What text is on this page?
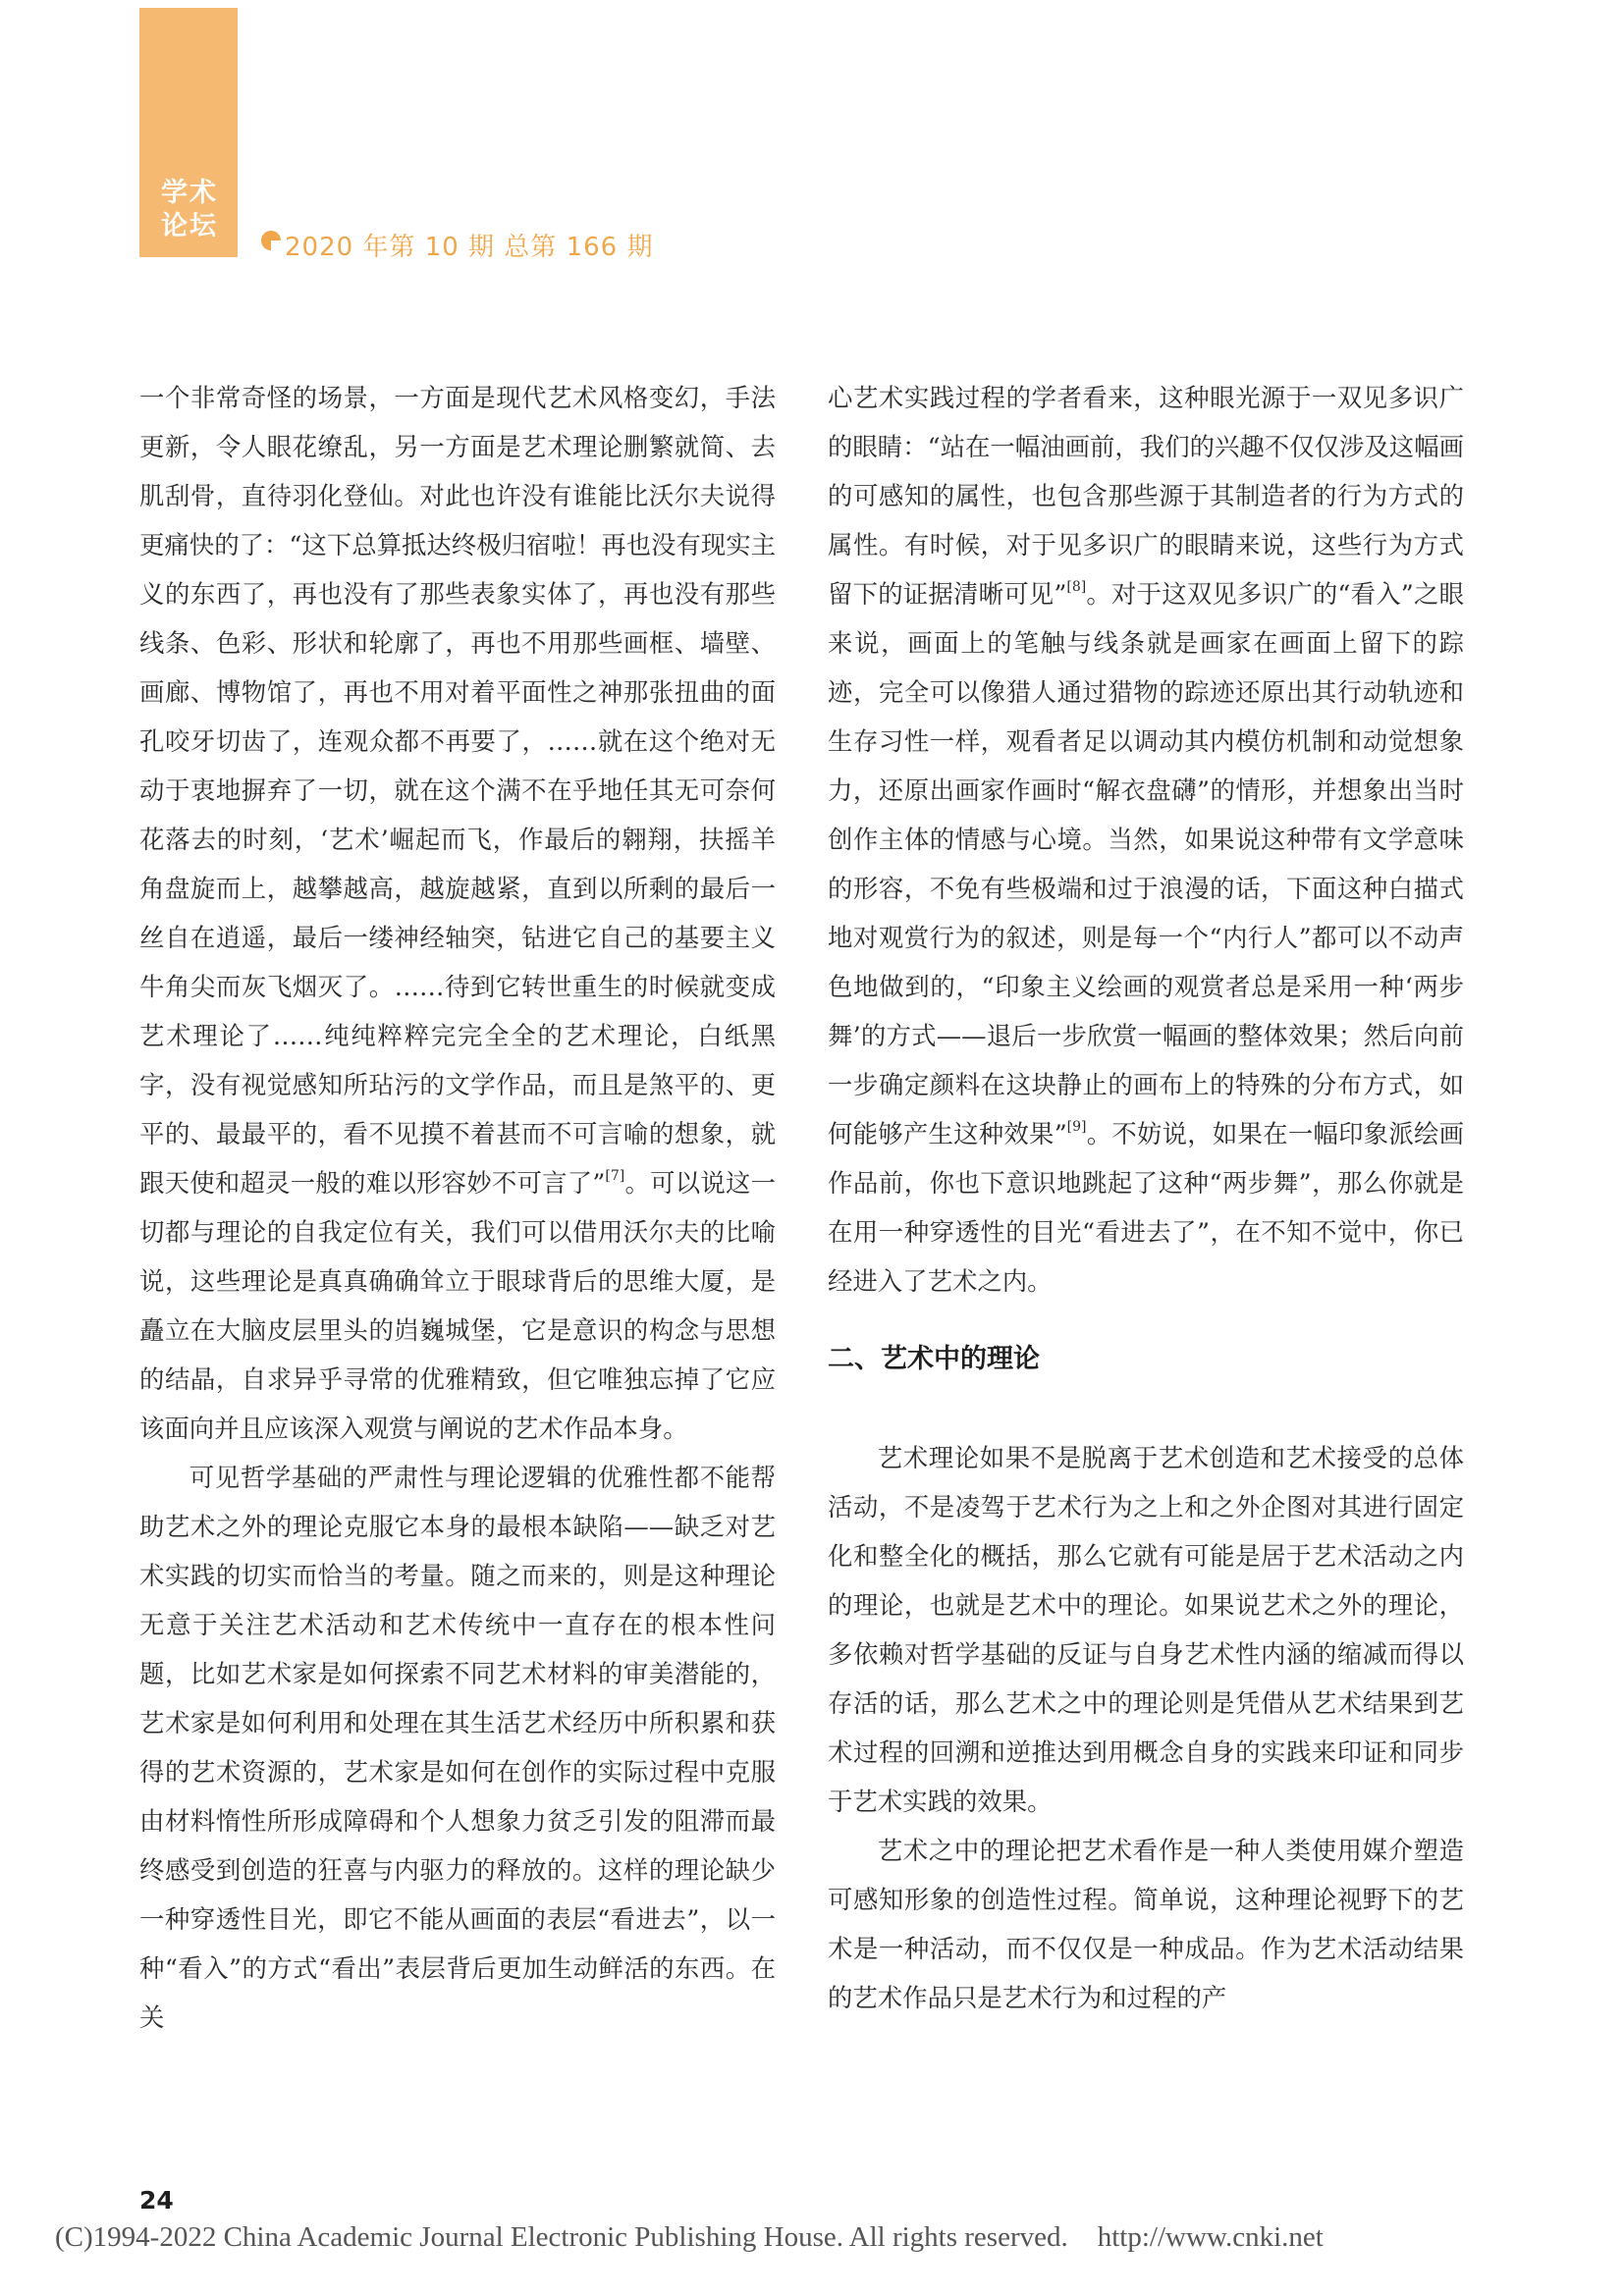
学术
论坛
2020 年第 10 期 总第 166 期

一个非常奇怪的场景，一方面是现代艺术风格变幻，手法更新，令人眼花缭乱，另一方面是艺术理论删繁就简、去肌刮骨，直待羽化登仙。对此也许没有谁能比沃尔夫说得更痛快的了：“这下总算抵达终极归宿啦！再也没有现实主义的东西了，再也没有了那些表象实体了，再也没有那些线条、色彩、形状和轮廓了，再也不用那些画框、墙壁、画廊、博物馆了，再也不用对着平面性之神那张扭曲的面孔咬牙切齿了，连观众都不再要了，……就在这个绝对无动于衷地摒弃了一切，就在这个满不在乎地任其无可奈何花落去的时刻，‘艺术’崛起而飞，作最后的翱翔，扶摇羊角盘旋而上，越攀越高，越旋越紧，直到以所剩的最后一丝自在逍遥，最后一缕神经轴突，钻进它自己的基要主义牛角尖而灰飞烟灭了。……待到它转世重生的时候就变成艺术理论了……纯纯粹粹完完全全的艺术理论，白纸黑字，没有视觉感知所玷污的文学作品，而且是煞平的、更平的、最最平的，看不见摸不着甚而不可言喻的想象，就跟天使和超灵一般的难以形容妙不可言了”[7]。可以说这一切都与理论的自我定位有关，我们可以借用沃尔夫的比喻说，这些理论是真真确确耸立于眼球背后的思维大厦，是矗立在大脑皮层里头的岿巍城堡，它是意识的构念与思想的结晶，自求异乎寻常的优雅精致，但它唯独忘掉了它应该面向并且应该深入观赏与阐说的艺术作品本身。

可见哲学基础的严肃性与理论逻辑的优雅性都不能帮助艺术之外的理论克服它本身的最根本缺陷——缺乏对艺术实践的切实而恰当的考量。随之而来的，则是这种理论无意于关注艺术活动和艺术传统中一直存在的根本性问题，比如艺术家是如何探索不同艺术材料的审美潜能的，艺术家是如何利用和处理在其生活艺术经历中所积累和获得的艺术资源的，艺术家是如何在创作的实际过程中克服由材料惰性所形成障碍和个人想象力贫乏引发的阻滞而最终感受到创造的狂喜与内驱力的释放的。这样的理论缺少一种穿透性目光，即它不能从画面的表层“看进去”，以一种“看入”的方式“看出”表层背后更加生动鲜活的东西。在关

心艺术实践过程的学者看来，这种眼光源于一双见多识广的眼睛：“站在一幅油画前，我们的兴趣不仅仅涉及这幅画的可感知的属性，也包含那些源于其制造者的行为方式的属性。有时候，对于见多识广的眼睛来说，这些行为方式留下的证据清晰可见”[8]。对于这双见多识广的“看入”之眼来说，画面上的笔触与线条就是画家在画面上留下的踪迹，完全可以像猎人通过猎物的踪迹还原出其行动轨迹和生存习性一样，观看者足以调动其内模仿机制和动觉想象力，还原出画家作画时“解衣盘礴”的情形，并想象出当时创作主体的情感与心境。当然，如果说这种带有文学意味的形容，不免有些极端和过于浪漫的话，下面这种白描式地对观赏行为的叙述，则是每一个“内行人”都可以不动声色地做到的，“印象主义绘画的观赏者总是采用一种‘两步舞’的方式——退后一步欣赏一幅画的整体效果；然后向前一步确定颜料在这块静止的画布上的特殊的分布方式，如何能够产生这种效果”[9]。不妨说，如果在一幅印象派绘画作品前，你也下意识地跳起了这种“两步舞”，那么你就是在用一种穿透性的目光“看进去了”，在不知不觉中，你已经进入了艺术之内。

二、艺术中的理论

艺术理论如果不是脱离于艺术创造和艺术接受的总体活动，不是凌驾于艺术行为之上和之外企图对其进行固定化和整全化的概括，那么它就有可能是居于艺术活动之内的理论，也就是艺术中的理论。如果说艺术之外的理论，多依赖对哲学基础的反证与自身艺术性内涵的缩减而得以存活的话，那么艺术之中的理论则是凭借从艺术结果到艺术过程的回溯和逆推达到用概念自身的实践来印证和同步于艺术实践的效果。

艺术之中的理论把艺术看作是一种人类使用媒介塑造可感知形象的创造性过程。简单说，这种理论视野下的艺术是一种活动，而不仅仅是一种成品。作为艺术活动结果的艺术作品只是艺术行为和过程的产

24
(C)1994-2022 China Academic Journal Electronic Publishing House. All rights reserved. http://www.cnki.net
